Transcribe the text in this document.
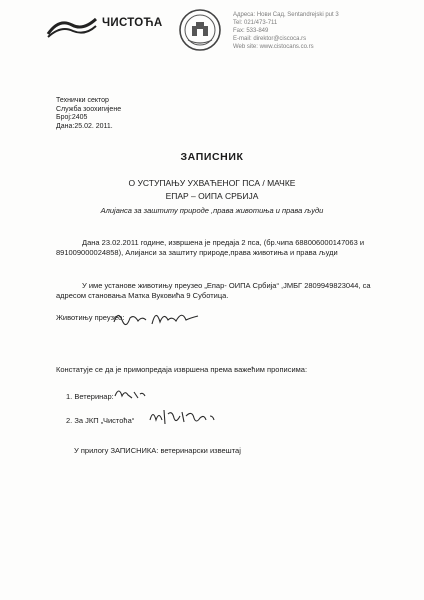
ЧИСТОЋА
Адреса: Нови Сад, Sentandrejski put 3
Tel: 021/473-711
Fax: 533-849
E-mail: direktor@ciscoca.rs
Web site: www.cistocans.co.rs
Технички сектор
Служба зоохигијене
Број:2405
Дана:25.02. 2011.
ЗАПИСНИК
О УСТУПАЊУ УХВАЋЕНОГ ПСА / МАЧКЕ
ЕПАР – ОИПА СРБИЈА
Алијанса за заштиту природе ,права животиња и права људи
Дана 23.02.2011 године, извршена је предаја 2 пса, (бр.чипа 688006000147063 и 891009000024858), Алијанси за заштиту природе,права животиња и права људи
У име установе животињу преузео „Епар- ОИПА Србија“ ,ЈМБГ 2809949823044, са адресом становања Матка Вуковића 9 Суботица.
Животињу преузео:
Констатује се да је примопредаја извршена према важећим прописима:
1. Ветеринар:
2. За ЈКП „Чистоћа“
У прилогу ЗАПИСНИКА: ветеринарски извештај
